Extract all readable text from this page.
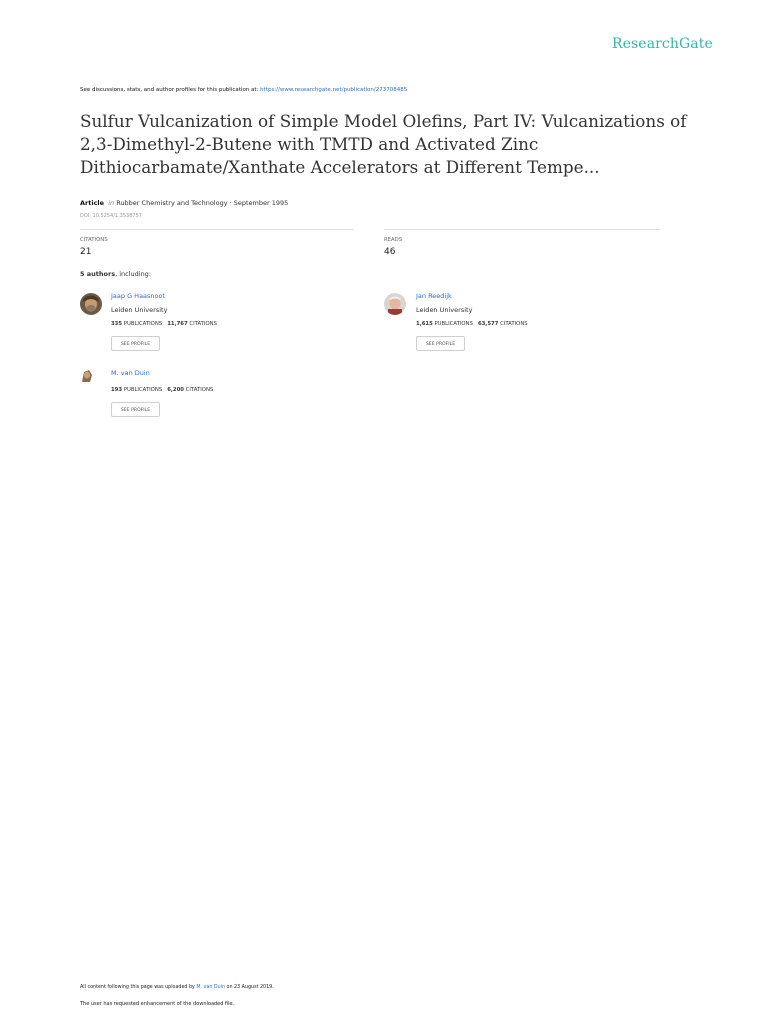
ResearchGate
See discussions, stats, and author profiles for this publication at: https://www.researchgate.net/publication/273708485
Sulfur Vulcanization of Simple Model Olefins, Part IV: Vulcanizations of 2,3-Dimethyl-2-Butene with TMTD and Activated Zinc Dithiocarbamate/Xanthate Accelerators at Different Tempe...
Article in Rubber Chemistry and Technology · September 1995
DOI: 10.5254/1.3538757
CITATIONS
21
READS
46
5 authors, including:
Jaap G Haasnoot
Leiden University
335 PUBLICATIONS 11,767 CITATIONS
SEE PROFILE
Jan Reedijk
Leiden University
1,615 PUBLICATIONS 63,577 CITATIONS
SEE PROFILE
M. van Duin
193 PUBLICATIONS 6,200 CITATIONS
SEE PROFILE
All content following this page was uploaded by M. van Duin on 23 August 2019.
The user has requested enhancement of the downloaded file.
